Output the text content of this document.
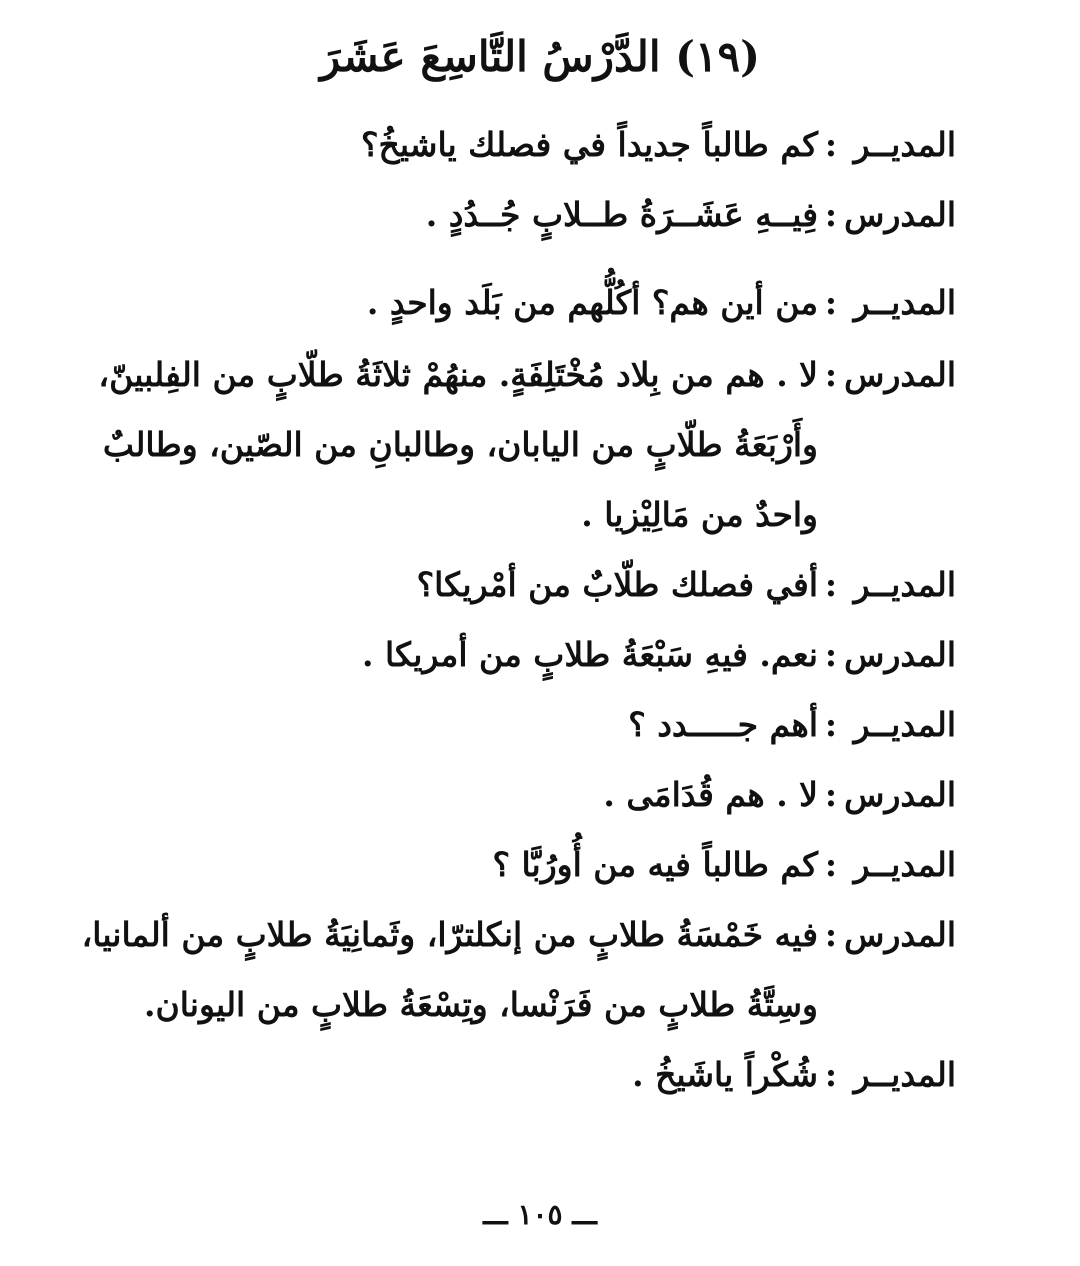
(١٩) الدَّرْسُ التَّاسِعَ عَشَرَ
المديــر
:
كم طالباً جديداً في فصلك ياشيخُ؟
المدرس
:
فِيــهِ عَشَــرَةُ طــلابٍ جُــدُدٍ .
المديــر
:
من أين هم؟ أكُلُّهم من بَلَد واحدٍ .
المدرس
:
لا . هم من بِلاد مُخْتَلِفَةٍ. منهُمْ ثلاثَةُ طلّابٍ من الفِلبينّ،
وأَرْبَعَةُ طلّابٍ من اليابان، وطالبانِ من الصّين، وطالبٌ
واحدٌ من مَالِيْزيا .
المديــر
:
أفي فصلك طلّابٌ من أمْريكا؟
المدرس
:
نعم. فيهِ سَبْعَةُ طلابٍ من أمريكا .
المديــر
:
أهم جـــــدد ؟
المدرس
:
لا . هم قُدَامَى .
المديــر
:
كم طالباً فيه من أُورُبَّا ؟
المدرس
:
فيه خَمْسَةُ طلابٍ من إنكلترّا، وثَمانِيَةُ طلابٍ من ألمانيا،
وسِتَّةُ طلابٍ من فَرَنْسا، وتِسْعَةُ طلابٍ من اليونان.
المديــر
:
شُكْراً ياشَيخُ .
ـــ ١٠٥ ـــ
